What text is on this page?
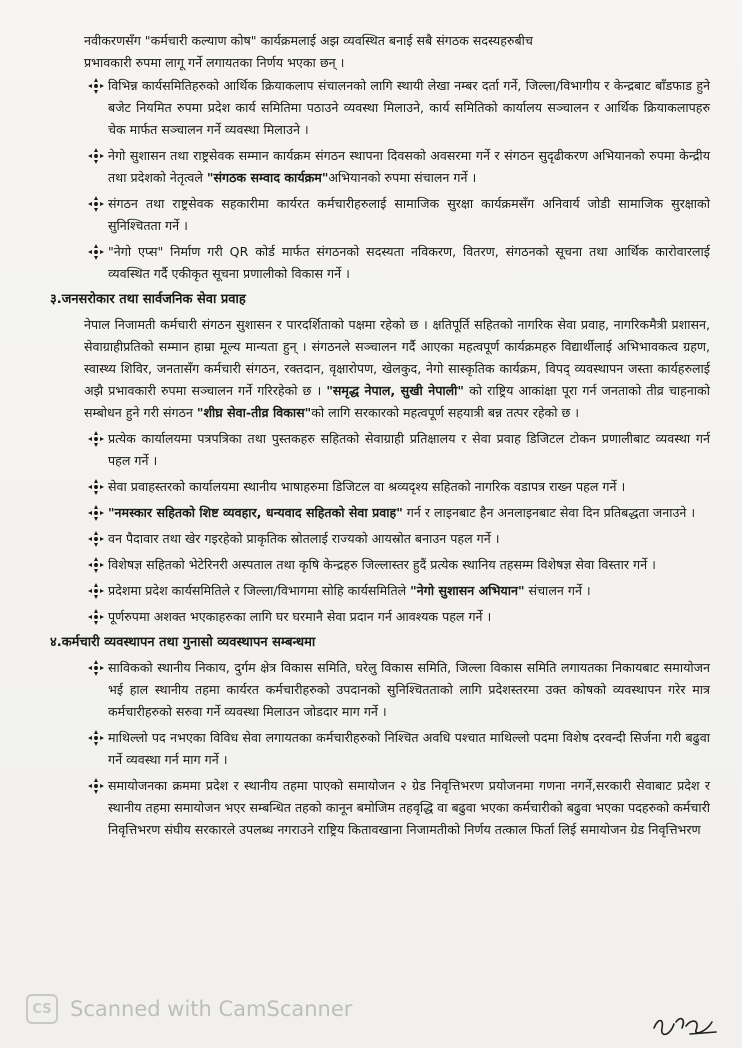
नवीकरणसँग "कर्मचारी कल्याण कोष" कार्यक्रमलाई अझ व्यवस्थित बनाई सबै संगठक सदस्यहरुबीच
प्रभावकारी रुपमा लागू गर्ने लगायतका निर्णय भएका छन् ।

विभिन्न कार्यसमितिहरुको आर्थिक क्रियाकलाप संचालनको लागि स्थायी लेखा नम्बर दर्ता गर्ने, जिल्ला/विभागीय र केन्द्रबाट बाँडफाड हुने बजेट नियमित रुपमा प्रदेश कार्य समितिमा पठाउने व्यवस्था मिलाउने, कार्य समितिको कार्यालय सञ्चालन र आर्थिक क्रियाकलापहरु चेक मार्फत सञ्चालन गर्ने व्यवस्था मिलाउने ।
नेगो सुशासन तथा राष्ट्रसेवक सम्मान कार्यक्रम संगठन स्थापना दिवसको अवसरमा गर्ने र संगठन सुदृढीकरण अभियानको रुपमा केन्द्रीय तथा प्रदेशको नेतृत्वले "संगठक सम्वाद कार्यक्रम"अभियानको रुपमा संचालन गर्ने ।
संगठन तथा राष्ट्रसेवक सहकारीमा कार्यरत कर्मचारीहरुलाई सामाजिक सुरक्षा कार्यक्रमसँग अनिवार्य जोडी सामाजिक सुरक्षाको सुनिश्चितता गर्ने ।
"नेगो एप्स" निर्माण गरी QR कोर्ड मार्फत संगठनको सदस्यता नविकरण, वितरण, संगठनको सूचना तथा आर्थिक कारोवारलाई व्यवस्थित गर्दै एकीकृत सूचना प्रणालीको विकास गर्ने ।
३.जनसरोकार तथा सार्वजनिक सेवा प्रवाह

नेपाल निजामती कर्मचारी संगठन सुशासन र पारदर्शिताको पक्षमा रहेको छ । क्षतिपूर्ति सहितको नागरिक सेवा प्रवाह, नागरिकमैत्री प्रशासन, सेवाग्राहीप्रतिको सम्मान हाम्रा मूल्य मान्यता हुन् । संगठनले सञ्चालन गर्दै आएका महत्वपूर्ण कार्यक्रमहरु विद्यार्थीलाई अभिभावकत्व ग्रहण, स्वास्थ्य शिविर, जनतासँग कर्मचारी संगठन, रक्तदान, वृक्षारोपण, खेलकुद, नेगो सास्कृतिक कार्यक्रम, विपद् व्यवस्थापन जस्ता कार्यहरुलाई अझै प्रभावकारी रुपमा सञ्चालन गर्ने गरिरहेको छ । "समृद्ध नेपाल, सुखी नेपाली" को राष्ट्रिय आकांक्षा पूरा गर्न जनताको तीव्र चाहनाको सम्बोधन हुने गरी संगठन "शीघ्र सेवा-तीव्र विकास"को लागि सरकारको महत्वपूर्ण सहयात्री बन्न तत्पर रहेको छ ।

प्रत्येक कार्यालयमा पत्रपत्रिका तथा पुस्तकहरु सहितको सेवाग्राही प्रतिक्षालय र सेवा प्रवाह डिजिटल टोकन प्रणालीबाट व्यवस्था गर्न पहल गर्ने ।
सेवा प्रवाहस्तरको कार्यालयमा स्थानीय भाषाहरुमा डिजिटल वा श्रव्यदृश्य सहितको नागरिक वडापत्र राख्न पहल गर्ने ।
"नमस्कार सहितको शिष्ट व्यवहार, धन्यवाद सहितको सेवा प्रवाह" गर्न र लाइनबाट हैन अनलाइनबाट सेवा दिन प्रतिबद्धता जनाउने ।
वन पैदावार तथा खेर गइरहेको प्राकृतिक स्रोतलाई राज्यको आयस्रोत बनाउन पहल गर्ने ।
विशेषज्ञ सहितको भेटेरिनरी अस्पताल तथा कृषि केन्द्रहरु जिल्लास्तर हुदैं प्रत्येक स्थानिय तहसम्म विशेषज्ञ सेवा विस्तार गर्ने ।
प्रदेशमा प्रदेश कार्यसमितिले र जिल्ला/विभागमा सोहि कार्यसमितिले "नेगो सुशासन अभियान" संचालन गर्ने ।
पूर्णरुपमा अशक्त भएकाहरुका लागि घर घरमानै सेवा प्रदान गर्न आवश्यक पहल गर्ने ।
४.कर्मचारी व्यवस्थापन तथा गुनासो व्यवस्थापन सम्बन्धमा
साविकको स्थानीय निकाय, दुर्गम क्षेत्र विकास समिति, घरेलु विकास समिति, जिल्ला विकास समिति लगायतका निकायबाट समायोजन भई हाल स्थानीय तहमा कार्यरत कर्मचारीहरुको उपदानको सुनिश्चितताको लागि प्रदेशस्तरमा उक्त कोषको व्यवस्थापन गरेर मात्र कर्मचारीहरुको सरुवा गर्ने व्यवस्था मिलाउन जोडदार माग गर्ने ।
माथिल्लो पद नभएका विविध सेवा लगायतका कर्मचारीहरुको निश्चित अवधि पश्चात माथिल्लो पदमा विशेष दरवन्दी सिर्जना गरी बढुवा गर्ने व्यवस्था गर्न माग गर्ने ।
समायोजनका क्रममा प्रदेश र स्थानीय तहमा पाएको समायोजन २ ग्रेड निवृत्तिभरण प्रयोजनमा गणना नगर्ने,सरकारी सेवाबाट प्रदेश र स्थानीय तहमा समायोजन भएर सम्बन्धित तहको कानून बमोजिम तहवृद्धि वा बढुवा भएका कर्मचारीको बढुवा भएका पदहरुको कर्मचारी निवृत्तिभरण संघीय सरकारले उपलब्ध नगराउने राष्ट्रिय कितावखाना निजामतीको निर्णय तत्काल फिर्ता लिई समायोजन ग्रेड निवृत्तिभरण
CS Scanned with CamScanner
